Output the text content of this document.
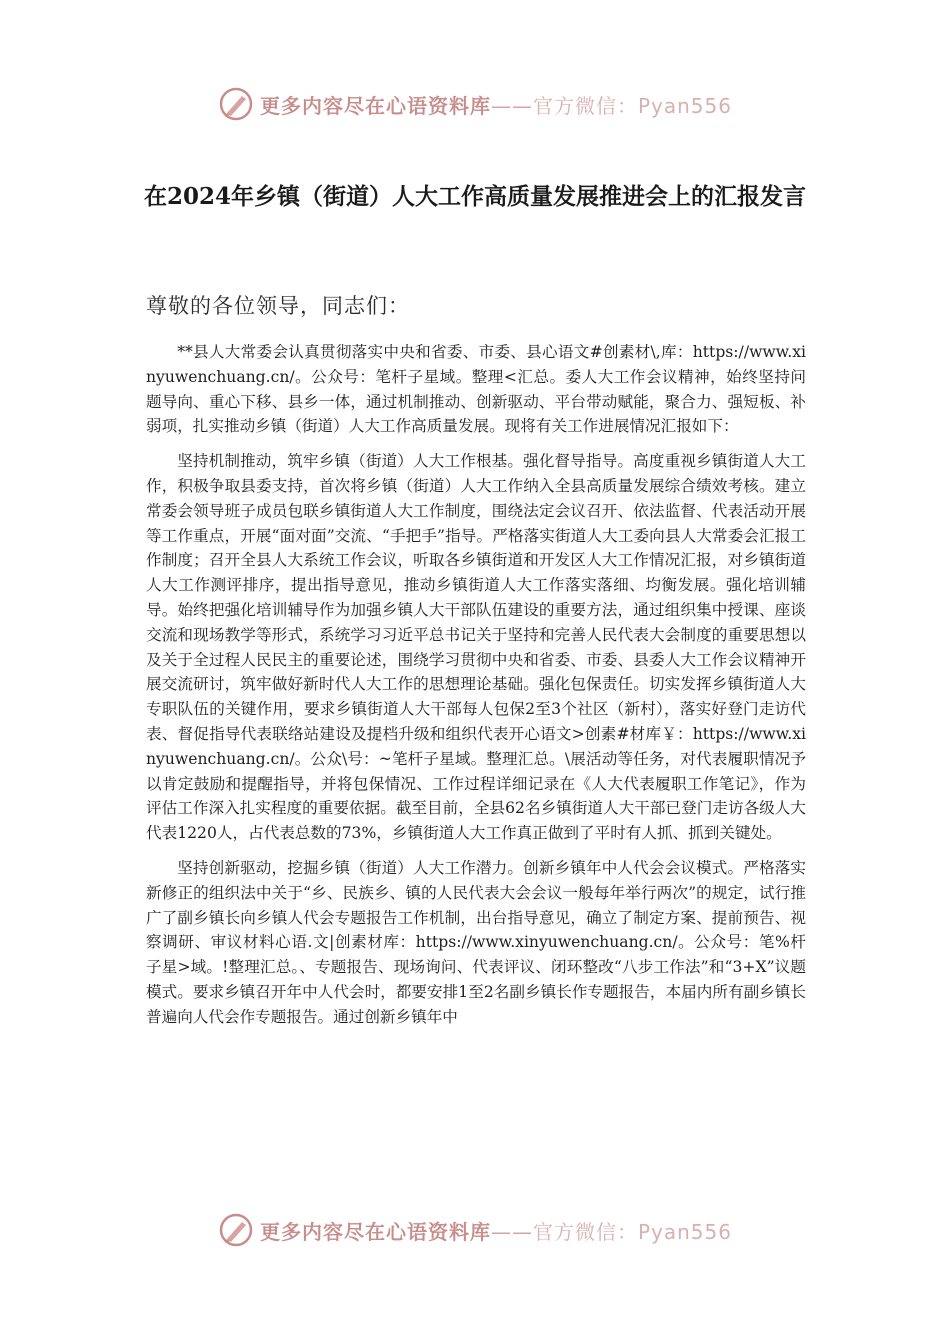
更多内容尽在心语资料库——官方微信：Pyan556
在2024年乡镇（街道）人大工作高质量发展推进会上的汇报发言
尊敬的各位领导，同志们：

**县人大常委会认真贯彻落实中央和省委、市委、县心语文#创素材\,库：https://www.xinyuwenchuang.cn/。公众号：笔杆子星域。整理<汇总。委人大工作会议精神，始终坚持问题导向、重心下移、县乡一体，通过机制推动、创新驱动、平台带动赋能，聚合力、强短板、补弱项，扎实推动乡镇（街道）人大工作高质量发展。现将有关工作进展情况汇报如下：

坚持机制推动，筑牢乡镇（街道）人大工作根基。强化督导指导。高度重视乡镇街道人大工作，积极争取县委支持，首次将乡镇（街道）人大工作纳入全县高质量发展综合绩效考核。建立常委会领导班子成员包联乡镇街道人大工作制度，围绕法定会议召开、依法监督、代表活动开展等工作重点，开展“面对面”交流、“手把手”指导。严格落实街道人大工委向县人大常委会汇报工作制度；召开全县人大系统工作会议，听取各乡镇街道和开发区人大工作情况汇报，对乡镇街道人大工作测评排序，提出指导意见，推动乡镇街道人大工作落实落细、均衡发展。强化培训辅导。始终把强化培训辅导作为加强乡镇人大干部队伍建设的重要方法，通过组织集中授课、座谈交流和现场教学等形式，系统学习习近平总书记关于坚持和完善人民代表大会制度的重要思想以及关于全过程人民民主的重要论述，围绕学习贯彻中央和省委、市委、县委人大工作会议精神开展交流研讨，筑牢做好新时代人大工作的思想理论基础。强化包保责任。切实发挥乡镇街道人大专职队伍的关键作用，要求乡镇街道人大干部每人包保2至3个社区（新村），落实好登门走访代表、督促指导代表联络站建设及提档升级和组织代表开心语文>创素#材库￥：https://www.xinyuwenchuang.cn/。公众\号：~笔杆子星域。整理汇总。\展活动等任务，对代表履职情况予以肯定鼓励和提醒指导，并将包保情况、工作过程详细记录在《人大代表履职工作笔记》，作为评估工作深入扎实程度的重要依据。截至目前，全县62名乡镇街道人大干部已登门走访各级人大代表1220人，占代表总数的73%，乡镇街道人大工作真正做到了平时有人抓、抓到关键处。

坚持创新驱动，挖掘乡镇（街道）人大工作潜力。创新乡镇年中人代会会议模式。严格落实新修正的组织法中关于“乡、民族乡、镇的人民代表大会会议一般每年举行两次”的规定，试行推广了副乡镇长向乡镇人代会专题报告工作机制，出台指导意见，确立了制定方案、提前预告、视察调研、审议材料心语.文|创素材库：https://www.xinyuwenchuang.cn/。公众号：笔%杆子星>域。!整理汇总。、专题报告、现场询问、代表评议、闭环整改“八步工作法”和“3+X”议题模式。要求乡镇召开年中人代会时，都要安排1至2名副乡镇长作专题报告，本届内所有副乡镇长普遍向人代会作专题报告。通过创新乡镇年中

更多内容尽在心语资料库——官方微信：Pyan556
